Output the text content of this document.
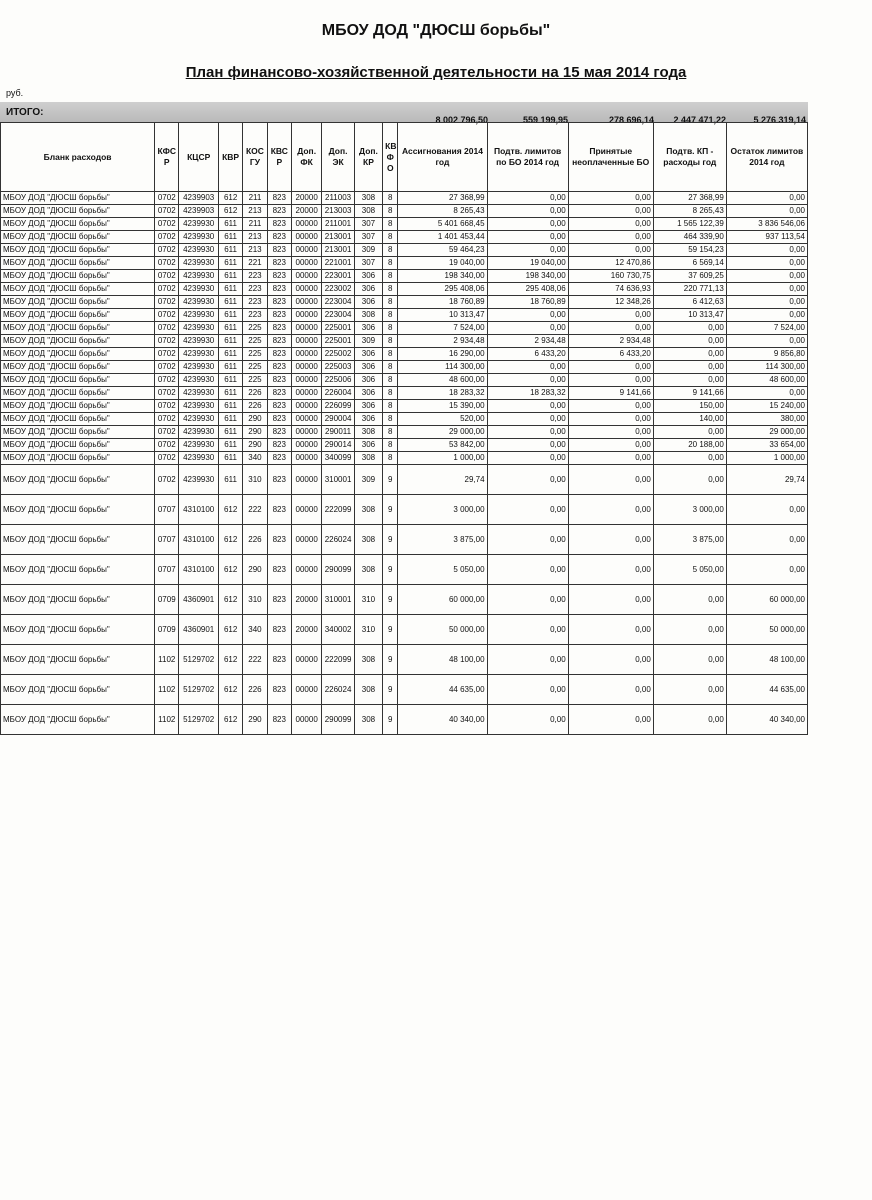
МБОУ ДОД "ДЮСШ борьбы"
План финансово-хозяйственной деятельности на 15 мая 2014 года
руб.
ИТОГО:
8 002 796,50	559 199,95	278 696,14	2 447 471,22	5 276 319,14
Бланк расходов	КФС Р	КЦСР	КВР	КОС ГУ	КВС Р	Доп. ФК	Доп. ЭК	Доп. КР	КВ Ф О	Ассигнования 2014 год	Подтв. лимитов по БО 2014 год	Принятые неоплаченные БО	Подтв. КП - расходы год	Остаток лимитов 2014 год
МБОУ ДОД "ДЮСШ борьбы"	0702	4239903	612	211	823	20000	211003	308	8	27 368,99	0,00	0,00	27 368,99	0,00
МБОУ ДОД "ДЮСШ борьбы"	0702	4239903	612	213	823	20000	213003	308	8	8 265,43	0,00	0,00	8 265,43	0,00
МБОУ ДОД "ДЮСШ борьбы"	0702	4239930	611	211	823	00000	211001	307	8	5 401 668,45	0,00	0,00	1 565 122,39	3 836 546,06
МБОУ ДОД "ДЮСШ борьбы"	0702	4239930	611	213	823	00000	213001	307	8	1 401 453,44	0,00	0,00	464 339,90	937 113,54
МБОУ ДОД "ДЮСШ борьбы"	0702	4239930	611	213	823	00000	213001	309	8	59 464,23	0,00	0,00	59 154,23	0,00
МБОУ ДОД "ДЮСШ борьбы"	0702	4239930	611	221	823	00000	221001	307	8	19 040,00	19 040,00	12 470,86	6 569,14	0,00
МБОУ ДОД "ДЮСШ борьбы"	0702	4239930	611	223	823	00000	223001	306	8	198 340,00	198 340,00	160 730,75	37 609,25	0,00
МБОУ ДОД "ДЮСШ борьбы"	0702	4239930	611	223	823	00000	223002	306	8	295 408,06	295 408,06	74 636,93	220 771,13	0,00
МБОУ ДОД "ДЮСШ борьбы"	0702	4239930	611	223	823	00000	223004	306	8	18 760,89	18 760,89	12 348,26	6 412,63	0,00
МБОУ ДОД "ДЮСШ борьбы"	0702	4239930	611	223	823	00000	223004	308	8	10 313,47	0,00	0,00	10 313,47	0,00
МБОУ ДОД "ДЮСШ борьбы"	0702	4239930	611	225	823	00000	225001	306	8	7 524,00	0,00	0,00	0,00	7 524,00
МБОУ ДОД "ДЮСШ борьбы"	0702	4239930	611	225	823	00000	225001	309	8	2 934,48	2 934,48	2 934,48	0,00	0,00
МБОУ ДОД "ДЮСШ борьбы"	0702	4239930	611	225	823	00000	225002	306	8	16 290,00	6 433,20	6 433,20	0,00	9 856,80
МБОУ ДОД "ДЮСШ борьбы"	0702	4239930	611	225	823	00000	225003	306	8	114 300,00	0,00	0,00	0,00	114 300,00
МБОУ ДОД "ДЮСШ борьбы"	0702	4239930	611	225	823	00000	225006	306	8	48 600,00	0,00	0,00	0,00	48 600,00
МБОУ ДОД "ДЮСШ борьбы"	0702	4239930	611	226	823	00000	226004	306	8	18 283,32	18 283,32	9 141,66	9 141,66	0,00
МБОУ ДОД "ДЮСШ борьбы"	0702	4239930	611	226	823	00000	226099	306	8	15 390,00	0,00	0,00	150,00	15 240,00
МБОУ ДОД "ДЮСШ борьбы"	0702	4239930	611	290	823	00000	290004	306	8	520,00	0,00	0,00	140,00	380,00
МБОУ ДОД "ДЮСШ борьбы"	0702	4239930	611	290	823	00000	290011	308	8	29 000,00	0,00	0,00	0,00	29 000,00
МБОУ ДОД "ДЮСШ борьбы"	0702	4239930	611	290	823	00000	290014	306	8	53 842,00	0,00	0,00	20 188,00	33 654,00
МБОУ ДОД "ДЮСШ борьбы"	0702	4239930	611	340	823	00000	340099	308	8	1 000,00	0,00	0,00	0,00	1 000,00
МБОУ ДОД "ДЮСШ борьбы"	0702	4239930	611	310	823	00000	310001	309	9	29,74	0,00	0,00	0,00	29,74
МБОУ ДОД "ДЮСШ борьбы"	0707	4310100	612	222	823	00000	222099	308	9	3 000,00	0,00	0,00	3 000,00	0,00
МБОУ ДОД "ДЮСШ борьбы"	0707	4310100	612	226	823	00000	226024	308	9	3 875,00	0,00	0,00	3 875,00	0,00
МБОУ ДОД "ДЮСШ борьбы"	0707	4310100	612	290	823	00000	290099	308	9	5 050,00	0,00	0,00	5 050,00	0,00
МБОУ ДОД "ДЮСШ борьбы"	0709	4360901	612	310	823	20000	310001	310	9	60 000,00	0,00	0,00	0,00	60 000,00
МБОУ ДОД "ДЮСШ борьбы"	0709	4360901	612	340	823	20000	340002	310	9	50 000,00	0,00	0,00	0,00	50 000,00
МБОУ ДОД "ДЮСШ борьбы"	1102	5129702	612	222	823	00000	222099	308	9	48 100,00	0,00	0,00	0,00	48 100,00
МБОУ ДОД "ДЮСШ борьбы"	1102	5129702	612	226	823	00000	226024	308	9	44 635,00	0,00	0,00	0,00	44 635,00
МБОУ ДОД "ДЮСШ борьбы"	1102	5129702	612	290	823	00000	290099	308	9	40 340,00	0,00	0,00	0,00	40 340,00
